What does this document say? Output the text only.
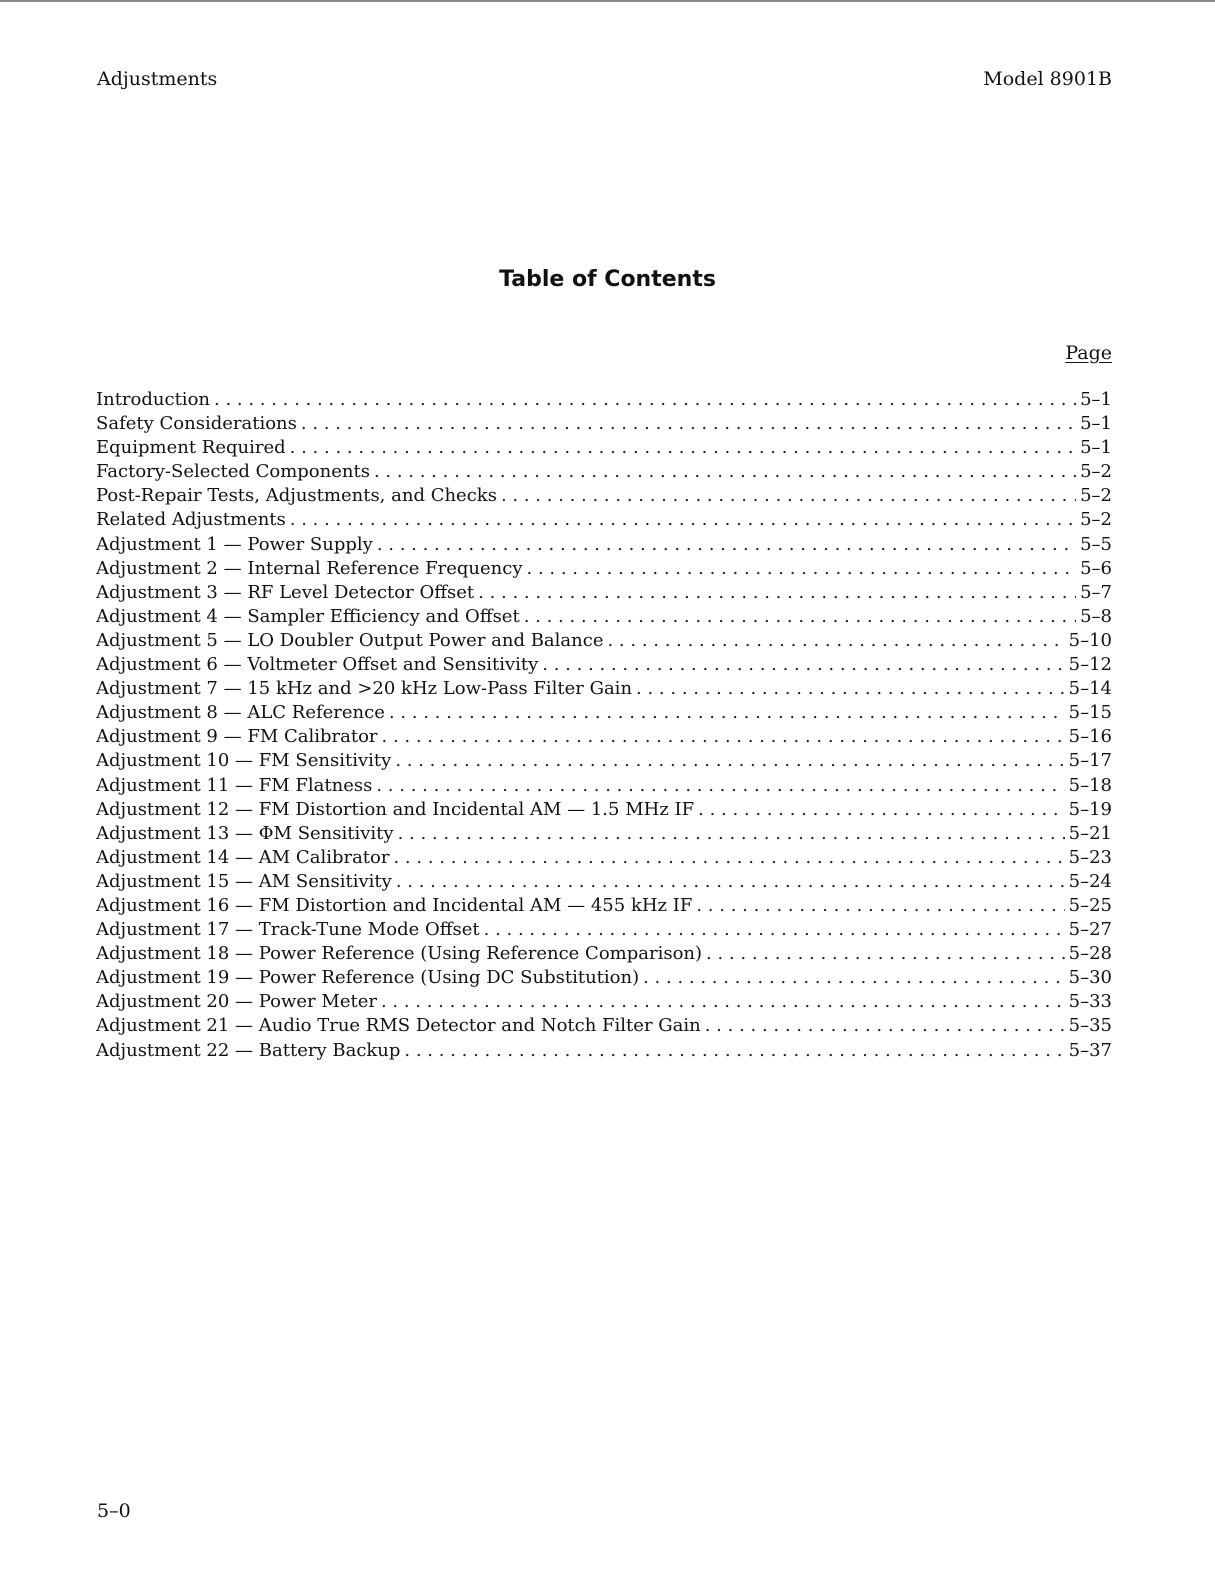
Adjustments	Model 8901B
Table of Contents
Page
Introduction . . .	5–1
Safety Considerations . . .	5–1
Equipment Required . . .	5–1
Factory-Selected Components . . .	5–2
Post-Repair Tests, Adjustments, and Checks . . .	5–2
Related Adjustments . . .	5–2
Adjustment 1 — Power Supply . . .	5–5
Adjustment 2 — Internal Reference Frequency . . .	5–6
Adjustment 3 — RF Level Detector Offset . . .	5–7
Adjustment 4 — Sampler Efficiency and Offset . . .	5–8
Adjustment 5 — LO Doubler Output Power and Balance . . .	5–10
Adjustment 6 — Voltmeter Offset and Sensitivity . . .	5–12
Adjustment 7 — 15 kHz and >20 kHz Low-Pass Filter Gain . . .	5–14
Adjustment 8 — ALC Reference . . .	5–15
Adjustment 9 — FM Calibrator . . .	5–16
Adjustment 10 — FM Sensitivity . . .	5–17
Adjustment 11 — FM Flatness . . .	5–18
Adjustment 12 — FM Distortion and Incidental AM — 1.5 MHz IF . . .	5–19
Adjustment 13 — ΦM Sensitivity . . .	5–21
Adjustment 14 — AM Calibrator . . .	5–23
Adjustment 15 — AM Sensitivity . . .	5–24
Adjustment 16 — FM Distortion and Incidental AM — 455 kHz IF . . .	5–25
Adjustment 17 — Track-Tune Mode Offset . . .	5–27
Adjustment 18 — Power Reference (Using Reference Comparison) . . .	5–28
Adjustment 19 — Power Reference (Using DC Substitution) . . .	5–30
Adjustment 20 — Power Meter . . .	5–33
Adjustment 21 — Audio True RMS Detector and Notch Filter Gain . . .	5–35
Adjustment 22 — Battery Backup . . .	5–37
5–0
